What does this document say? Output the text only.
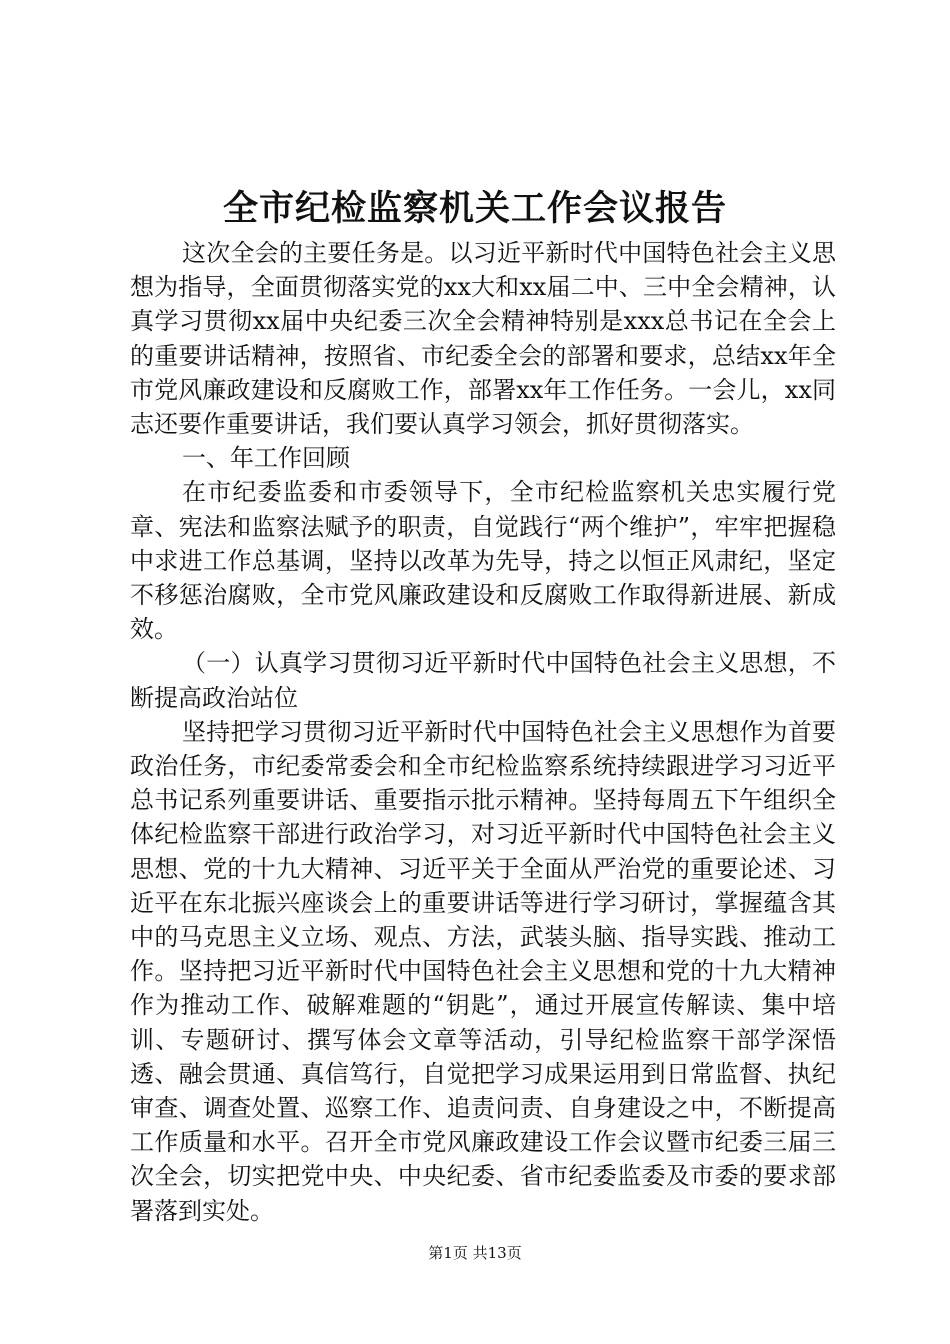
全市纪检监察机关工作会议报告

这次全会的主要任务是。以习近平新时代中国特色社会主义思想为指导，全面贯彻落实党的xx大和xx届二中、三中全会精神，认真学习贯彻xx届中央纪委三次全会精神特别是xxx总书记在全会上的重要讲话精神，按照省、市纪委全会的部署和要求，总结xx年全市党风廉政建设和反腐败工作，部署xx年工作任务。一会儿，xx同志还要作重要讲话，我们要认真学习领会，抓好贯彻落实。

一、年工作回顾

在市纪委监委和市委领导下，全市纪检监察机关忠实履行党章、宪法和监察法赋予的职责，自觉践行“两个维护”，牢牢把握稳中求进工作总基调，坚持以改革为先导，持之以恒正风肃纪，坚定不移惩治腐败，全市党风廉政建设和反腐败工作取得新进展、新成效。

（一）认真学习贯彻习近平新时代中国特色社会主义思想，不断提高政治站位

坚持把学习贯彻习近平新时代中国特色社会主义思想作为首要政治任务，市纪委常委会和全市纪检监察系统持续跟进学习习近平总书记系列重要讲话、重要指示批示精神。坚持每周五下午组织全体纪检监察干部进行政治学习，对习近平新时代中国特色社会主义思想、党的十九大精神、习近平关于全面从严治党的重要论述、习近平在东北振兴座谈会上的重要讲话等进行学习研讨，掌握蕴含其中的马克思主义立场、观点、方法，武装头脑、指导实践、推动工作。坚持把习近平新时代中国特色社会主义思想和党的十九大精神作为推动工作、破解难题的“钥匙”，通过开展宣传解读、集中培训、专题研讨、撰写体会文章等活动，引导纪检监察干部学深悟透、融会贯通、真信笃行，自觉把学习成果运用到日常监督、执纪审查、调查处置、巡察工作、追责问责、自身建设之中，不断提高工作质量和水平。召开全市党风廉政建设工作会议暨市纪委三届三次全会，切实把党中央、中央纪委、省市纪委监委及市委的要求部署落到实处。

第1页 共13页
